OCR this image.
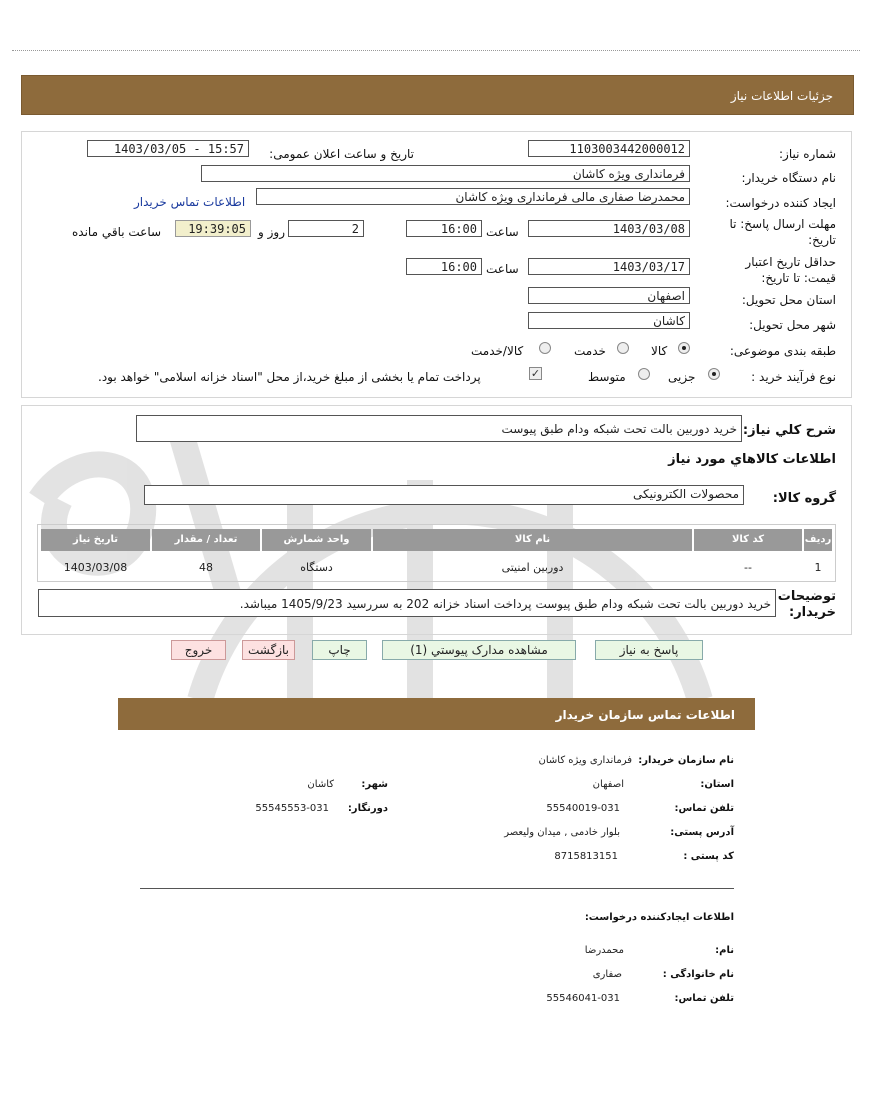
جزئیات اطلاعات نیاز
شماره نیاز:
1103003442000012
تاریخ و ساعت اعلان عمومی:
1403/03/05 - 15:57
نام دستگاه خریدار:
فرمانداری ویژه کاشان
ایجاد کننده درخواست:
محمدرضا صفاری مالی فرمانداری ویژه کاشان
اطلاعات تماس خریدار
مهلت ارسال پاسخ: تا تاریخ:
1403/03/08
ساعت
16:00
2
روز و
19:39:05
ساعت باقي مانده
حداقل تاریخ اعتبار قیمت: تا تاریخ:
1403/03/17
ساعت
16:00
استان محل تحویل:
اصفهان
شهر محل تحویل:
کاشان
طبقه بندی موضوعی:
کالا
خدمت
کالا/خدمت
نوع فرآیند خرید :
جزیی
متوسط
✓
پرداخت تمام یا بخشی از مبلغ خرید،از محل "اسناد خزانه اسلامی" خواهد بود.
شرح کلي نیاز:
خرید دوربین بالت تحت شبکه ودام طبق پیوست
اطلاعات کالاهاي مورد نیاز
گروه کالا:
محصولات الکترونیکی
ردیف
کد کالا
نام کالا
واحد شمارش
تعداد / مقدار
تاریخ نیاز
1
--
دوربین امنیتی
دستگاه
48
1403/03/08
توضیحات خریدار:
خرید دوربین بالت تحت شبکه ودام طبق پیوست پرداخت اسناد خزانه 202 به سررسید 1405/9/23 میباشد.
پاسخ به نیاز
مشاهده مدارک پیوستي (1)
چاپ
بازگشت
خروج
اطلاعات تماس سازمان خریدار
نام سازمان خریدار:
فرمانداری ویژه کاشان
استان:
اصفهان
شهر:
کاشان
تلفن تماس:
55540019-031
دورنگار:
55545553-031
آدرس پستی:
بلوار خادمی , میدان ولیعصر
کد پستی :
8715813151
اطلاعات ایجادکننده درخواست:
نام:
محمدرضا
نام خانوادگی :
صفاری
تلفن تماس:
55546041-031
